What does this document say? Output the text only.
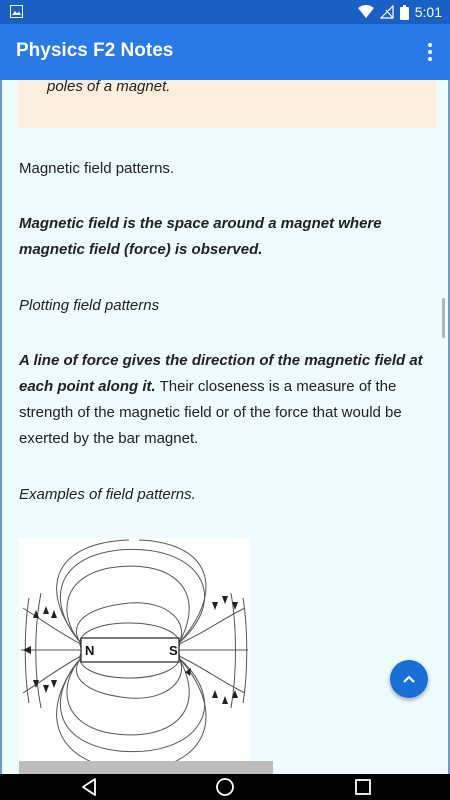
5:01
Physics F2 Notes
poles of a magnet.
Magnetic field patterns.
Magnetic field is the space around a magnet where magnetic field (force) is observed.
Plotting field patterns
A line of force gives the direction of the magnetic field at each point along it. Their closeness is a measure of the strength of the magnetic field or of the force that would be exerted by the bar magnet.
Examples of field patterns.
N	S
